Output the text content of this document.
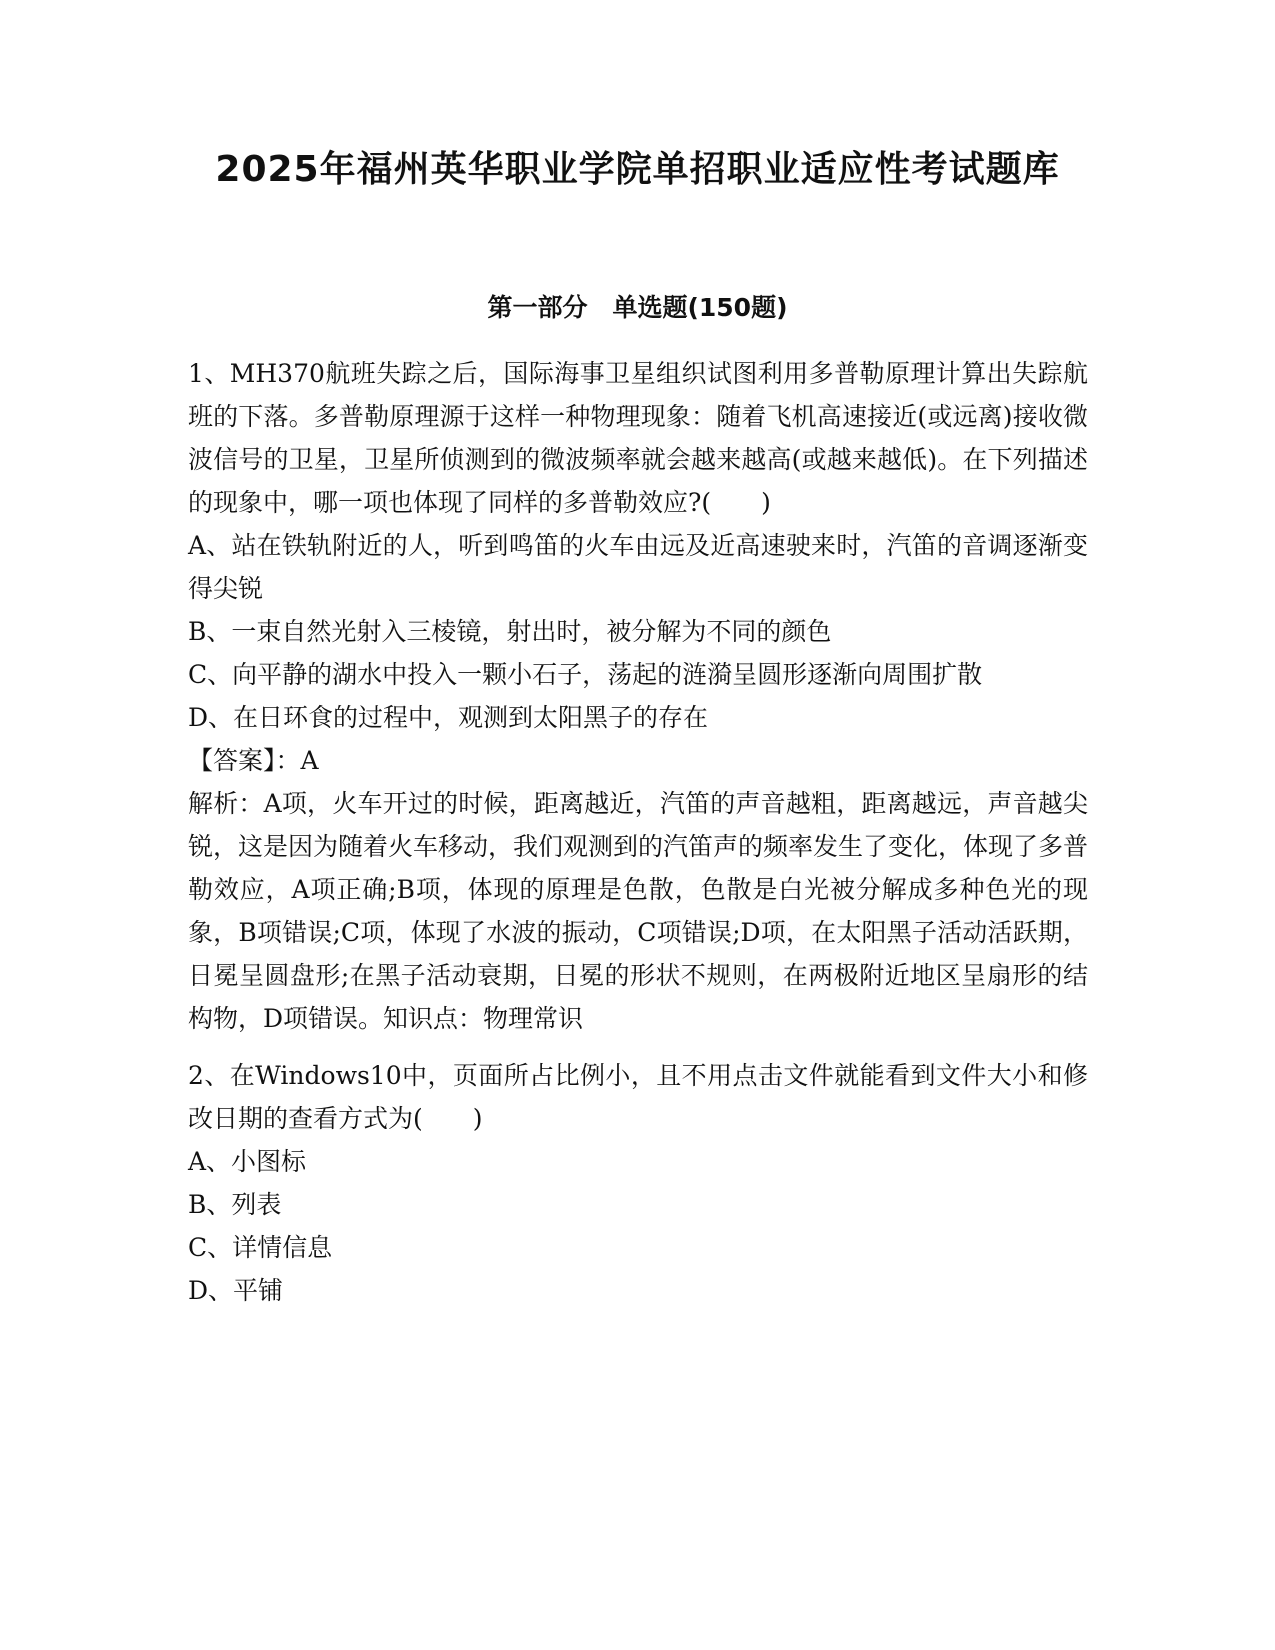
2025年福州英华职业学院单招职业适应性考试题库
第一部分　单选题(150题)

1、MH370航班失踪之后，国际海事卫星组织试图利用多普勒原理计算出失踪航班的下落。多普勒原理源于这样一种物理现象：随着飞机高速接近(或远离)接收微波信号的卫星，卫星所侦测到的微波频率就会越来越高(或越来越低)。在下列描述的现象中，哪一项也体现了同样的多普勒效应?(　　)

A、站在铁轨附近的人，听到鸣笛的火车由远及近高速驶来时，汽笛的音调逐渐变得尖锐

B、一束自然光射入三棱镜，射出时，被分解为不同的颜色

C、向平静的湖水中投入一颗小石子，荡起的涟漪呈圆形逐渐向周围扩散

D、在日环食的过程中，观测到太阳黑子的存在

【答案】：A

解析：A项，火车开过的时候，距离越近，汽笛的声音越粗，距离越远，声音越尖锐，这是因为随着火车移动，我们观测到的汽笛声的频率发生了变化，体现了多普勒效应，A项正确;B项，体现的原理是色散，色散是白光被分解成多种色光的现象，B项错误;C项，体现了水波的振动，C项错误;D项，在太阳黑子活动活跃期，日冕呈圆盘形;在黑子活动衰期，日冕的形状不规则，在两极附近地区呈扇形的结构物，D项错误。知识点：物理常识

2、在Windows10中，页面所占比例小，且不用点击文件就能看到文件大小和修改日期的查看方式为(　　)

A、小图标

B、列表

C、详情信息

D、平铺
